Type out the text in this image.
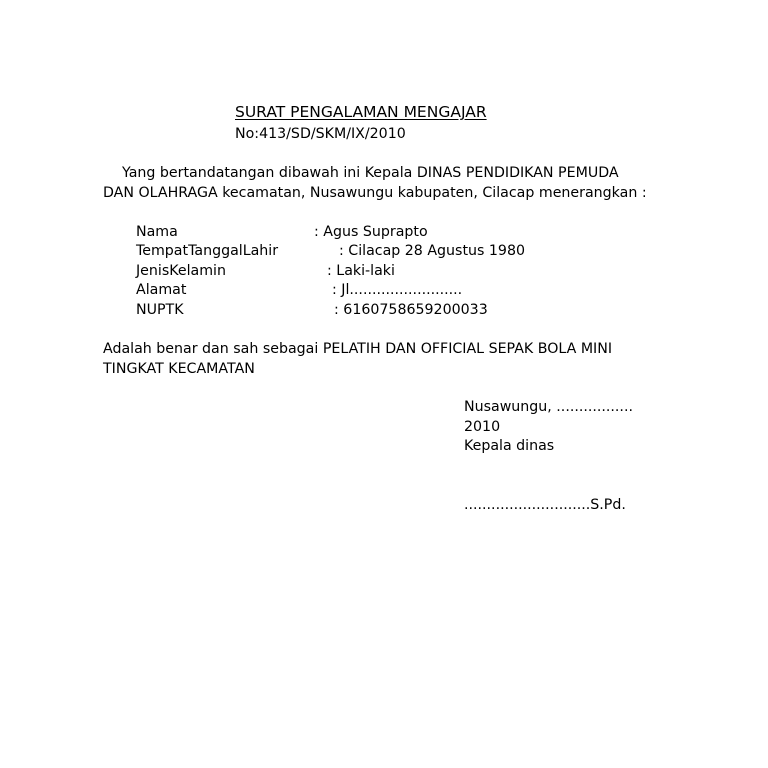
SURAT PENGALAMAN MENGAJAR
No:413/SD/SKM/IX/2010
Yang bertandatangan dibawah ini Kepala DINAS PENDIDIKAN PEMUDA
DAN OLAHRAGA kecamatan, Nusawungu kabupaten, Cilacap menerangkan :
Nama	: Agus Suprapto
TempatTanggalLahir	: Cilacap 28 Agustus 1980
JenisKelamin	: Laki-laki
Alamat	: Jl.........................
NUPTK	: 6160758659200033
Adalah benar dan sah sebagai PELATIH DAN OFFICIAL SEPAK BOLA MINI
TINGKAT KECAMATAN
Nusawungu, .................
2010
Kepala dinas
............................S.Pd.
